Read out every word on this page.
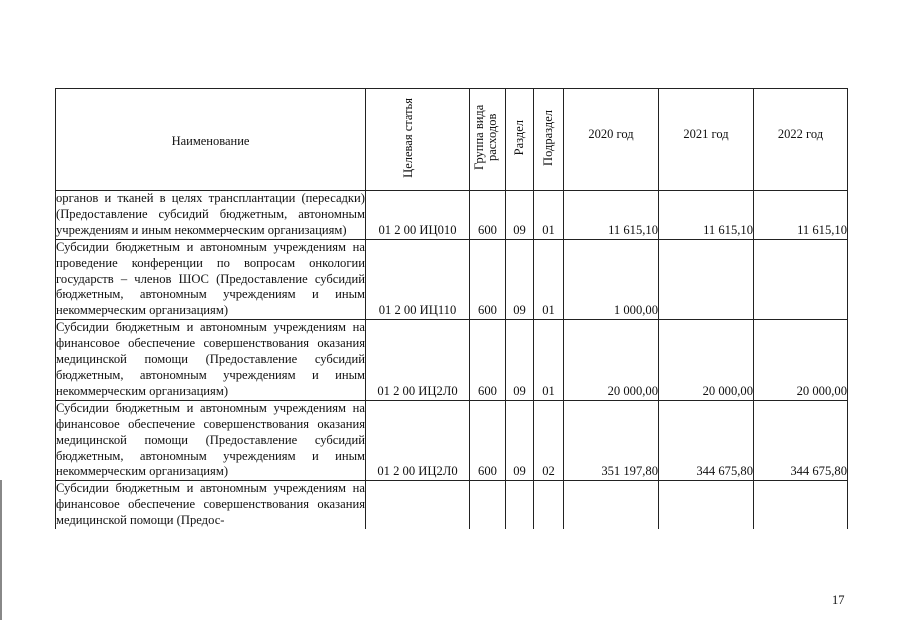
Наименование	Целевая статья	Группа вида расходов	Раздел	Подраздел	2020 год	2021 год	2022 год
органов и тканей в целях трансплантации (пересадки) (Предоставление субсидий бюджетным, автономным учреждениям и иным некоммерческим организациям)	01 2 00 ИЦ010	600	09	01	11 615,10	11 615,10	11 615,10
Субсидии бюджетным и автономным учреждениям на проведение конференции по вопросам онкологии государств – членов ШОС (Предоставление субсидий бюджетным, автономным учреждениям и иным некоммерческим организациям)	01 2 00 ИЦ110	600	09	01	1 000,00		
Субсидии бюджетным и автономным учреждениям на финансовое обеспечение совершенствования оказания медицинской помощи (Предоставление субсидий бюджетным, автономным учреждениям и иным некоммерческим организациям)	01 2 00 ИЦ2Л0	600	09	01	20 000,00	20 000,00	20 000,00
Субсидии бюджетным и автономным учреждениям на финансовое обеспечение совершенствования оказания медицинской помощи (Предоставление субсидий бюджетным, автономным учреждениям и иным некоммерческим организациям)	01 2 00 ИЦ2Л0	600	09	02	351 197,80	344 675,80	344 675,80
Субсидии бюджетным и автономным учреждениям на финансовое обеспечение совершенствования оказания медицинской помощи (Предос-							
17
